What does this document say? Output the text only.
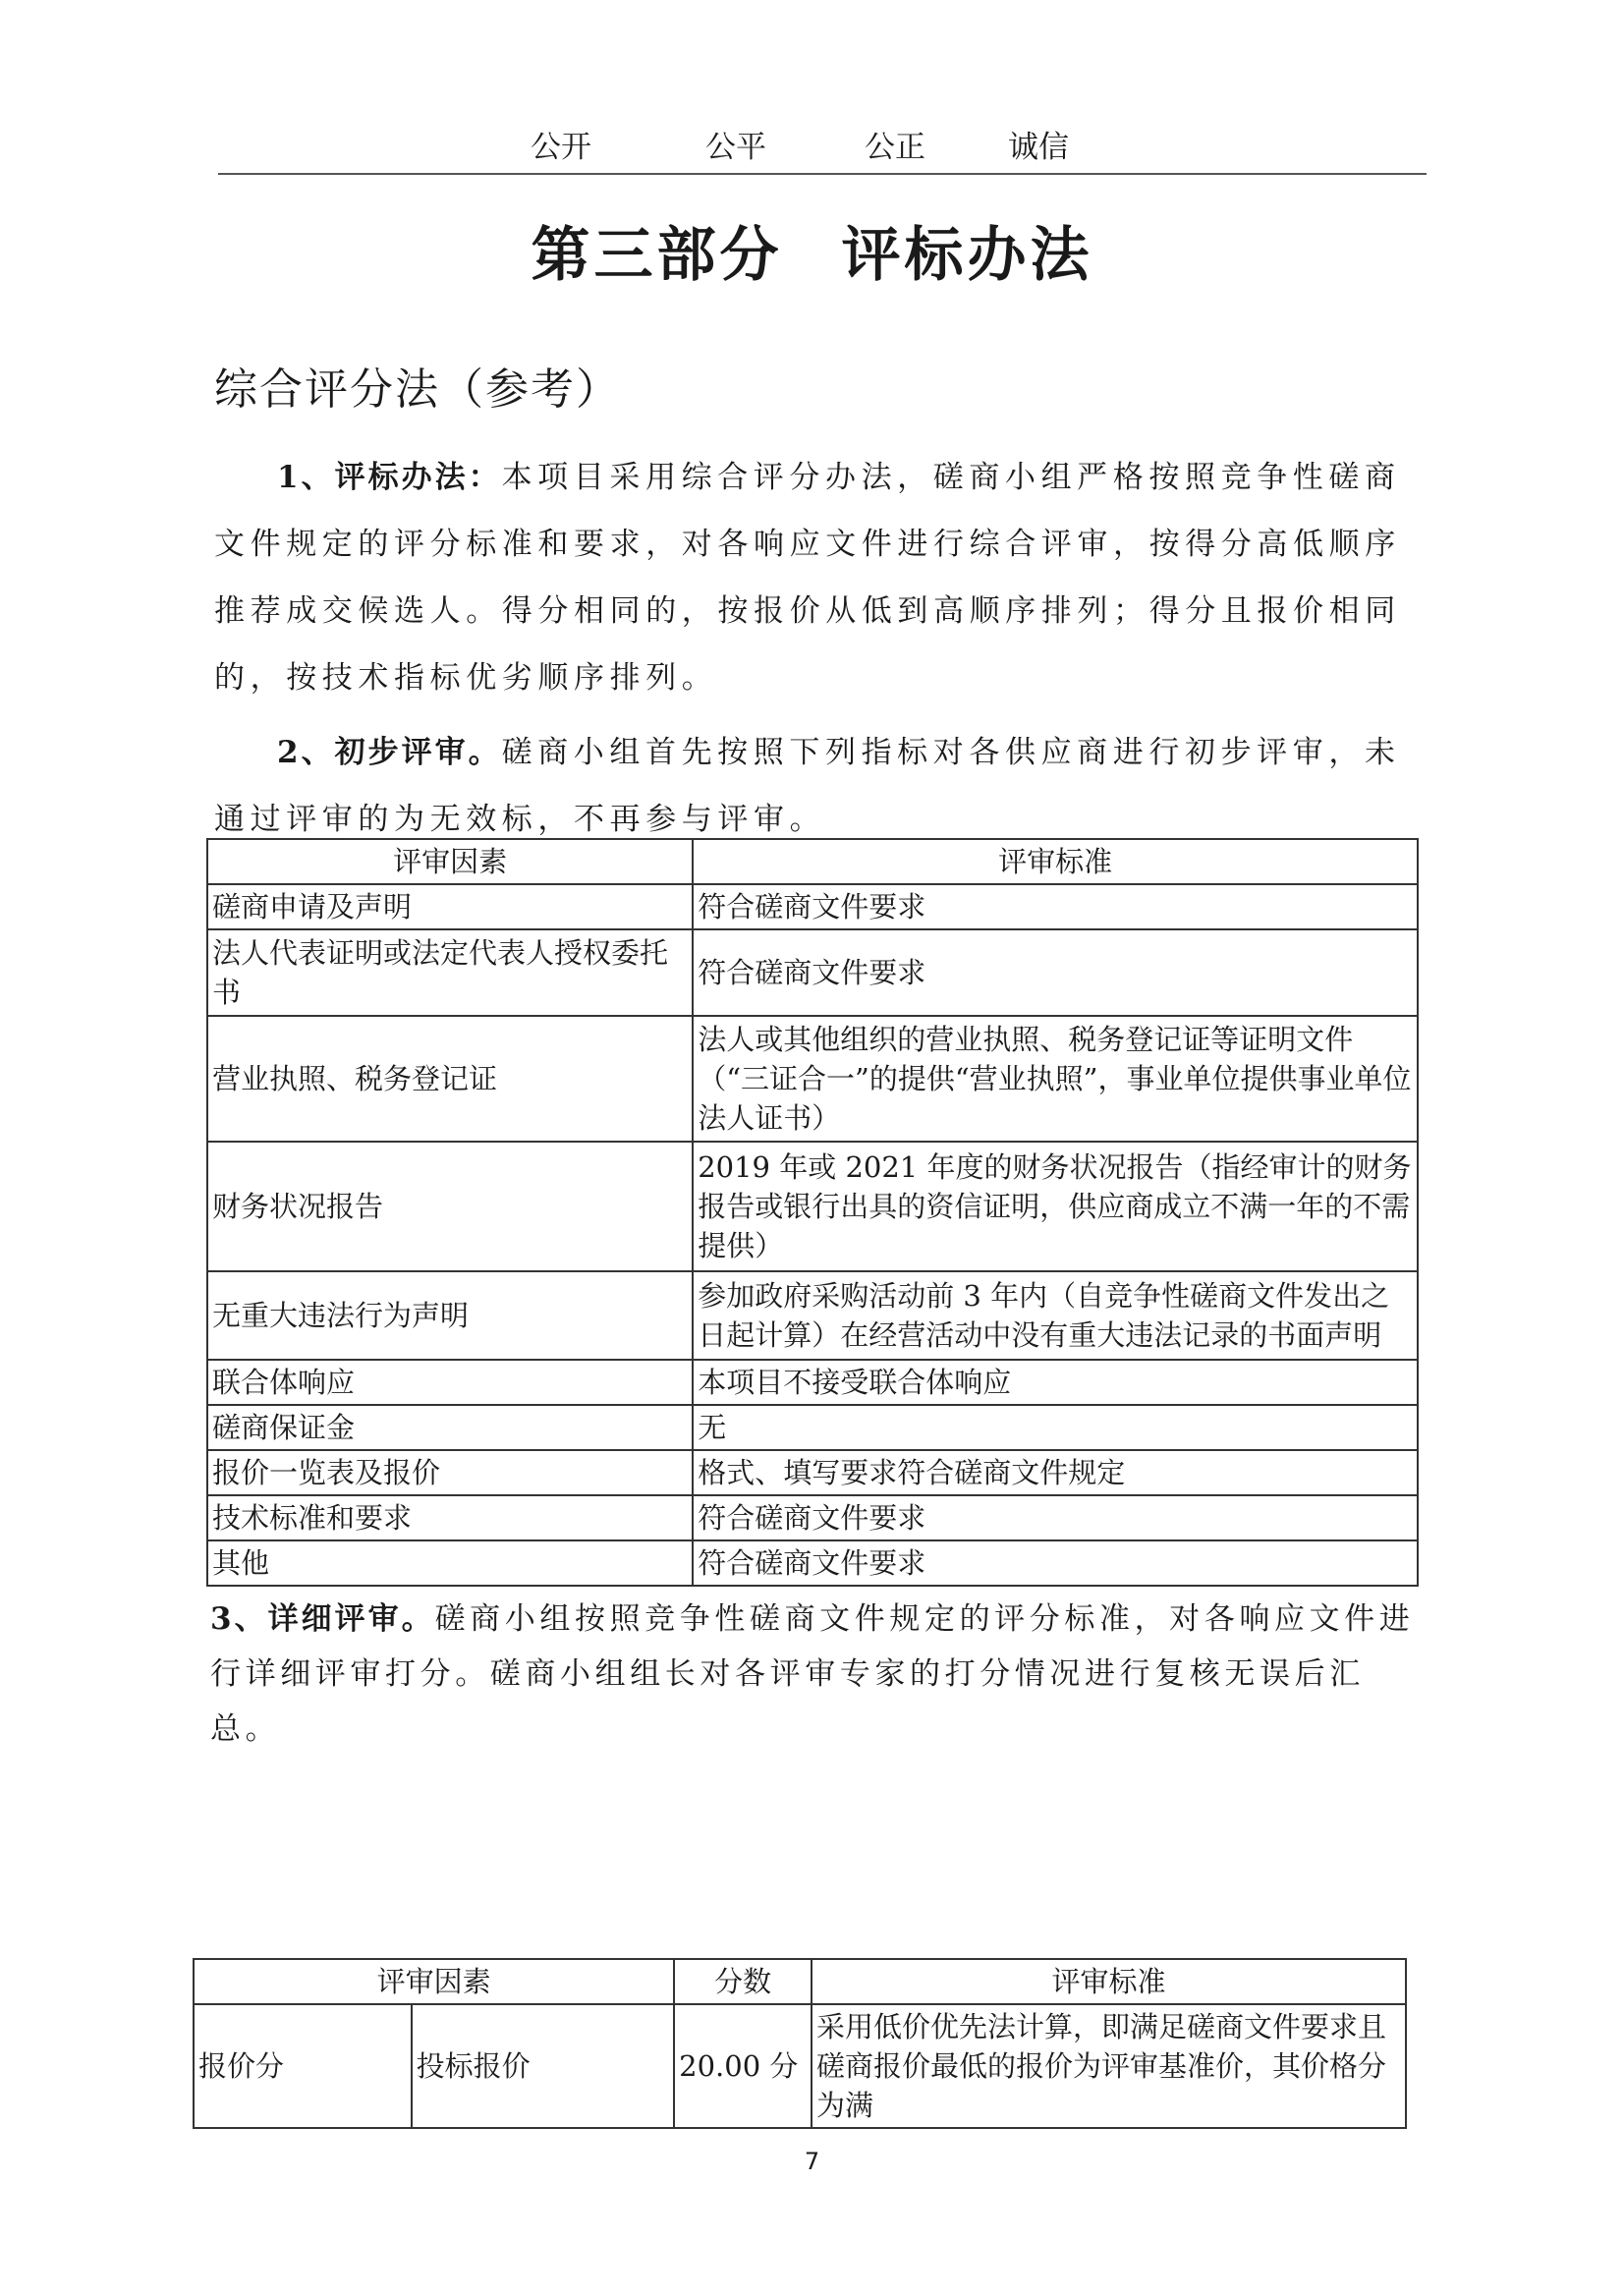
公开	公平	公正	诚信
第三部分 评标办法
综合评分法（参考）

1、评标办法：本项目采用综合评分办法，磋商小组严格按照竞争性磋商文件规定的评分标准和要求，对各响应文件进行综合评审，按得分高低顺序推荐成交候选人。得分相同的，按报价从低到高顺序排列；得分且报价相同的，按技术指标优劣顺序排列。

2、初步评审。磋商小组首先按照下列指标对各供应商进行初步评审，未通过评审的为无效标，不再参与评审。

评审因素	评审标准
磋商申请及声明	符合磋商文件要求
法人代表证明或法定代表人授权委托书	符合磋商文件要求
营业执照、税务登记证	法人或其他组织的营业执照、税务登记证等证明文件（“三证合一”的提供“营业执照”，事业单位提供事业单位法人证书）
财务状况报告	2019 年或 2021 年度的财务状况报告（指经审计的财务报告或银行出具的资信证明，供应商成立不满一年的不需提供）
无重大违法行为声明	参加政府采购活动前 3 年内（自竞争性磋商文件发出之日起计算）在经营活动中没有重大违法记录的书面声明
联合体响应	本项目不接受联合体响应
磋商保证金	无
报价一览表及报价	格式、填写要求符合磋商文件规定
技术标准和要求	符合磋商文件要求
其他	符合磋商文件要求

3、详细评审。磋商小组按照竞争性磋商文件规定的评分标准，对各响应文件进行详细评审打分。磋商小组组长对各评审专家的打分情况进行复核无误后汇总。

评审因素		分数	评审标准
报价分	投标报价	20.00 分	采用低价优先法计算，即满足磋商文件要求且磋商报价最低的报价为评审基准价，其价格分为满
7
